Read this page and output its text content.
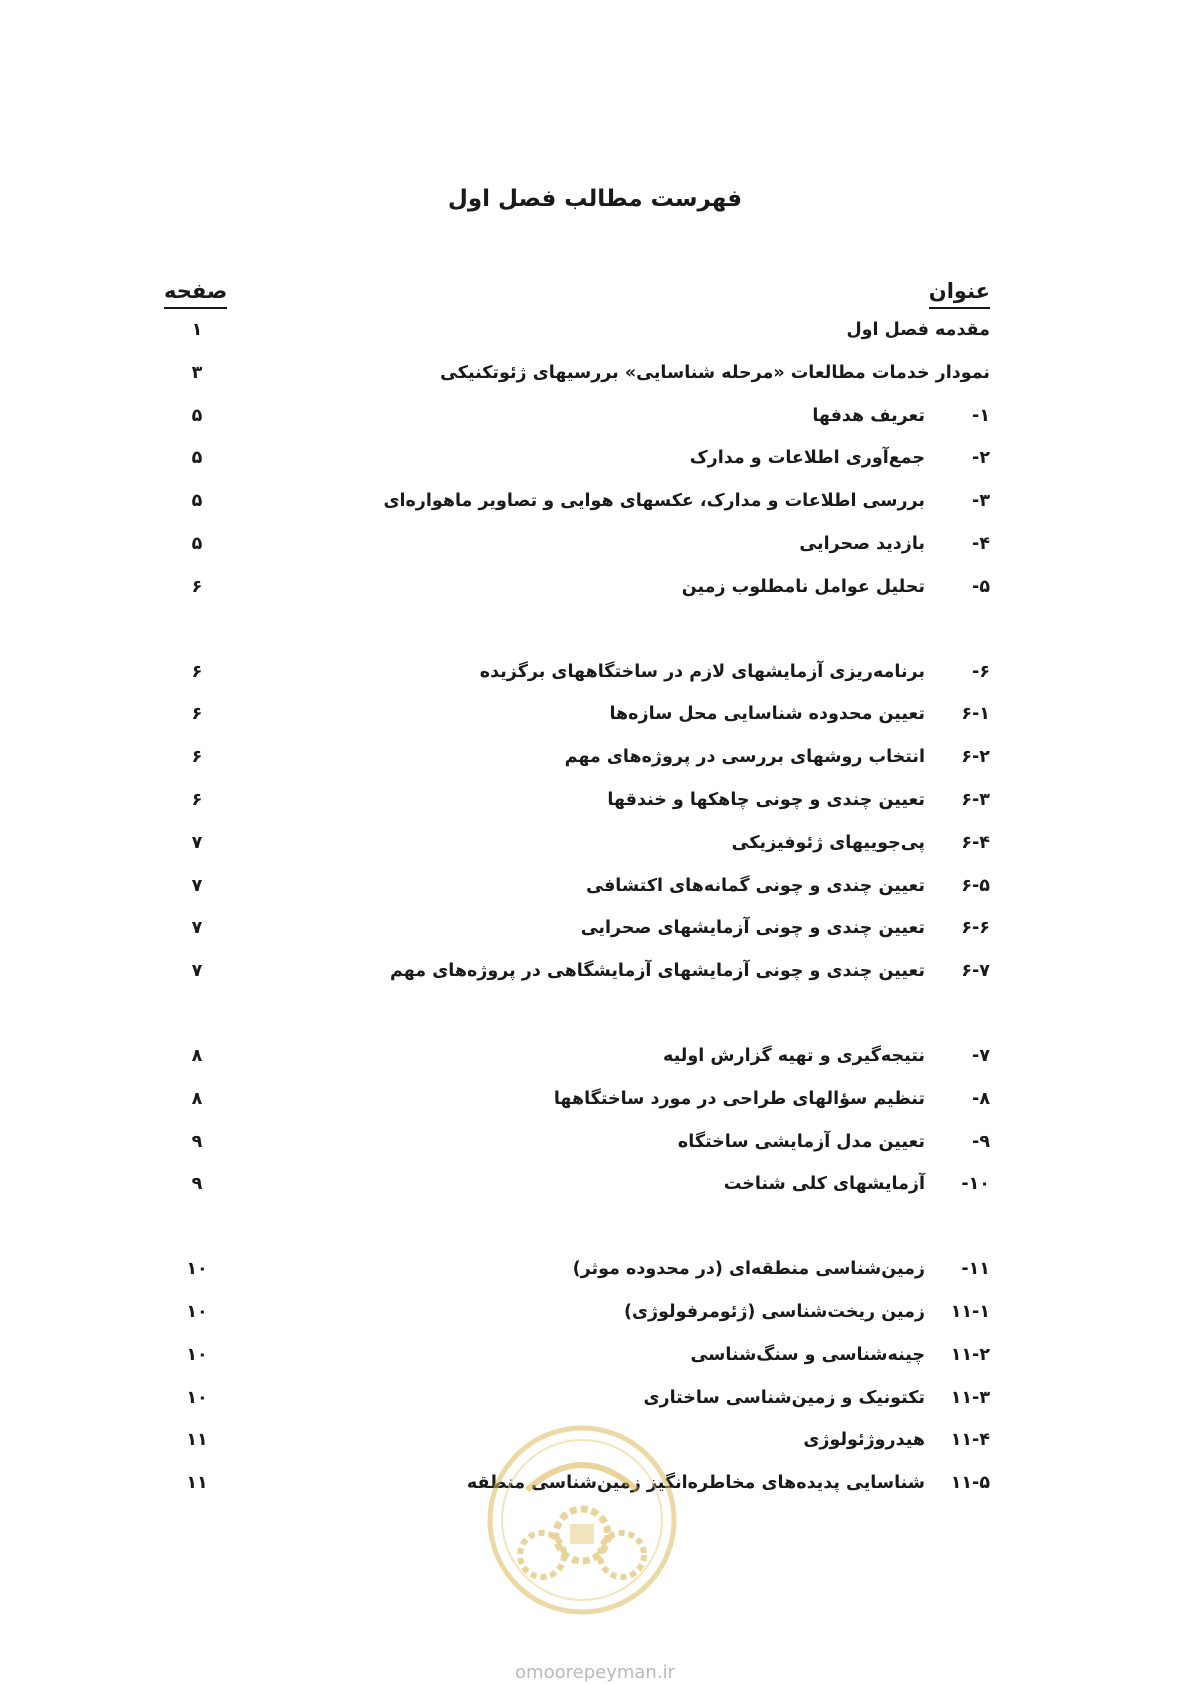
فهرست مطالب فصل اول
عنوان
صفحه
مقدمه فصل اول
۱
نمودار خدمات مطالعات «مرحله شناسایی» بررسیهای ژئوتکنیکی
۳
۱-
تعریف هدفها
۵
۲-
جمع‌آوری اطلاعات و مدارک
۵
۳-
بررسی اطلاعات و مدارک، عکسهای هوایی و تصاویر ماهواره‌ای
۵
۴-
بازدید صحرایی
۵
۵-
تحلیل عوامل نامطلوب زمین
۶
۶-
برنامه‌ریزی آزمایشهای لازم در ساختگاههای برگزیده
۶
۶-۱
تعیین محدوده شناسایی محل سازه‌ها
۶
۶-۲
انتخاب روشهای بررسی در پروژه‌های مهم
۶
۶-۳
تعیین چندی و چونی چاهکها و خندقها
۶
۶-۴
پی‌جوییهای ژئوفیزیکی
۷
۶-۵
تعیین چندی و چونی گمانه‌های اکتشافی
۷
۶-۶
تعیین چندی و چونی آزمایشهای صحرایی
۷
۶-۷
تعیین چندی و چونی آزمایشهای آزمایشگاهی در پروژه‌های مهم
۷
۷-
نتیجه‌گیری و تهیه گزارش اولیه
۸
۸-
تنظیم سؤالهای طراحی در مورد ساختگاهها
۸
۹-
تعیین مدل آزمایشی ساختگاه
۹
۱۰-
آزمایشهای کلی شناخت
۹
۱۱-
زمین‌شناسی منطقه‌ای (در محدوده موثر)
۱۰
۱۱-۱
زمین ریخت‌شناسی (ژئومرفولوژی)
۱۰
۱۱-۲
چینه‌شناسی و سنگ‌شناسی
۱۰
۱۱-۳
تکتونیک و زمین‌شناسی ساختاری
۱۰
۱۱-۴
هیدروژئولوژی
۱۱
۱۱-۵
شناسایی پدیده‌های مخاطره‌انگیز زمین‌شناسی منطقه
۱۱
omoorepeyman.ir
